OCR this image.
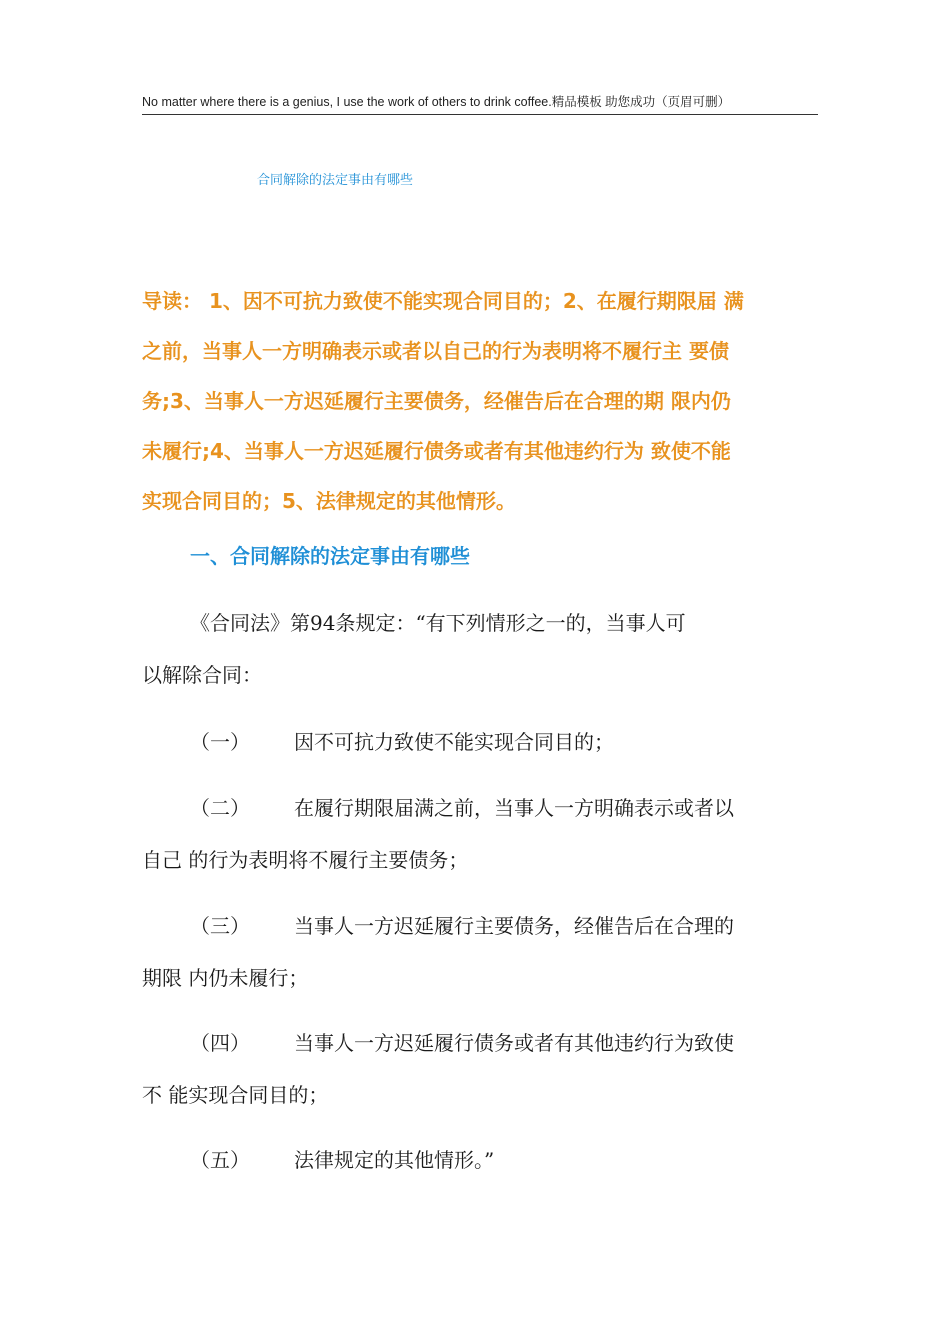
No matter where there is a genius, I use the work of others to drink coffee.精品模板 助您成功（页眉可删）
合同解除的法定事由有哪些
导读： 1、因不可抗力致使不能实现合同目的；2、在履行期限届 满
之前，当事人一方明确表示或者以自己的行为表明将不履行主 要债
务;3、当事人一方迟延履行主要债务，经催告后在合理的期 限内仍
未履行;4、当事人一方迟延履行债务或者有其他违约行为 致使不能
实现合同目的；5、法律规定的其他情形。
一、合同解除的法定事由有哪些
《合同法》第94条规定：“有下列情形之一的，当事人可
以解除合同：
（一） 因不可抗力致使不能实现合同目的；
（二） 在履行期限届满之前，当事人一方明确表示或者以
自己 的行为表明将不履行主要债务；
（三） 当事人一方迟延履行主要债务，经催告后在合理的
期限 内仍未履行；
（四） 当事人一方迟延履行债务或者有其他违约行为致使
不 能实现合同目的；
（五） 法律规定的其他情形。”
